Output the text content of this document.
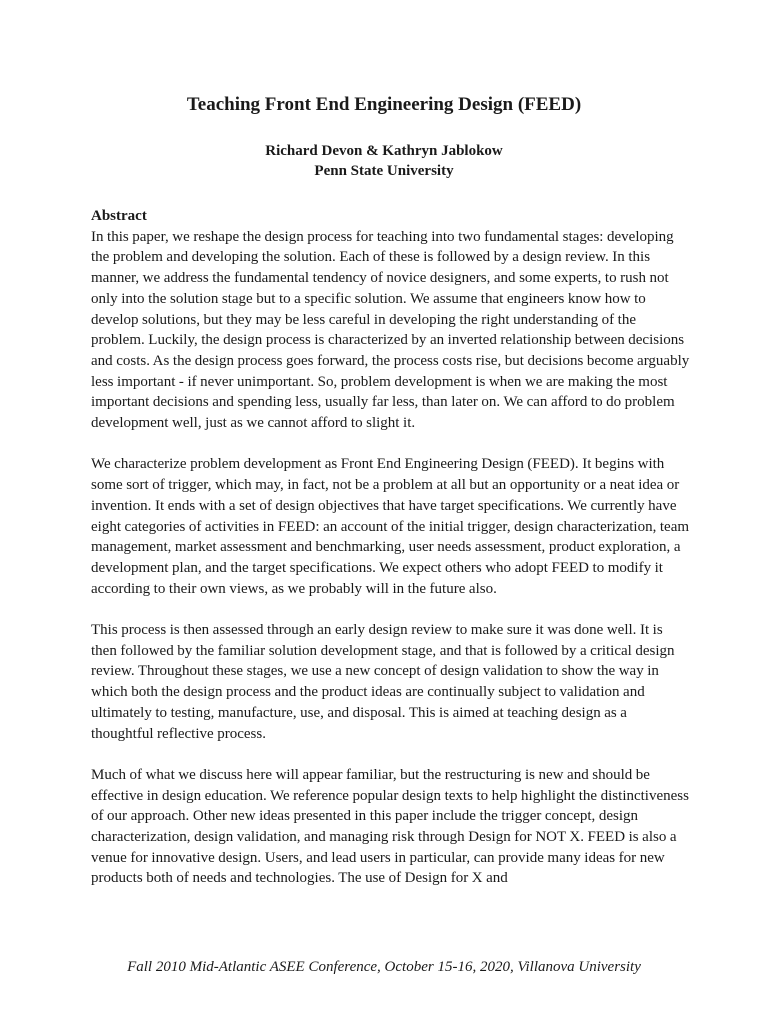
Teaching Front End Engineering Design (FEED)
Richard Devon & Kathryn Jablokow
Penn State University
Abstract

In this paper, we reshape the design process for teaching into two fundamental stages: developing the problem and developing the solution. Each of these is followed by a design review. In this manner, we address the fundamental tendency of novice designers, and some experts, to rush not only into the solution stage but to a specific solution. We assume that engineers know how to develop solutions, but they may be less careful in developing the right understanding of the problem. Luckily, the design process is characterized by an inverted relationship between decisions and costs. As the design process goes forward, the process costs rise, but decisions become arguably less important - if never unimportant. So, problem development is when we are making the most important decisions and spending less, usually far less, than later on. We can afford to do problem development well, just as we cannot afford to slight it.

We characterize problem development as Front End Engineering Design (FEED). It begins with some sort of trigger, which may, in fact, not be a problem at all but an opportunity or a neat idea or invention. It ends with a set of design objectives that have target specifications. We currently have eight categories of activities in FEED: an account of the initial trigger, design characterization, team management, market assessment and benchmarking, user needs assessment, product exploration, a development plan, and the target specifications. We expect others who adopt FEED to modify it according to their own views, as we probably will in the future also.

This process is then assessed through an early design review to make sure it was done well. It is then followed by the familiar solution development stage, and that is followed by a critical design review. Throughout these stages, we use a new concept of design validation to show the way in which both the design process and the product ideas are continually subject to validation and ultimately to testing, manufacture, use, and disposal. This is aimed at teaching design as a thoughtful reflective process.

Much of what we discuss here will appear familiar, but the restructuring is new and should be effective in design education. We reference popular design texts to help highlight the distinctiveness of our approach. Other new ideas presented in this paper include the trigger concept, design characterization, design validation, and managing risk through Design for NOT X. FEED is also a venue for innovative design. Users, and lead users in particular, can provide many ideas for new products both of needs and technologies. The use of Design for X and

Fall 2010 Mid-Atlantic ASEE Conference, October 15-16, 2020, Villanova University
